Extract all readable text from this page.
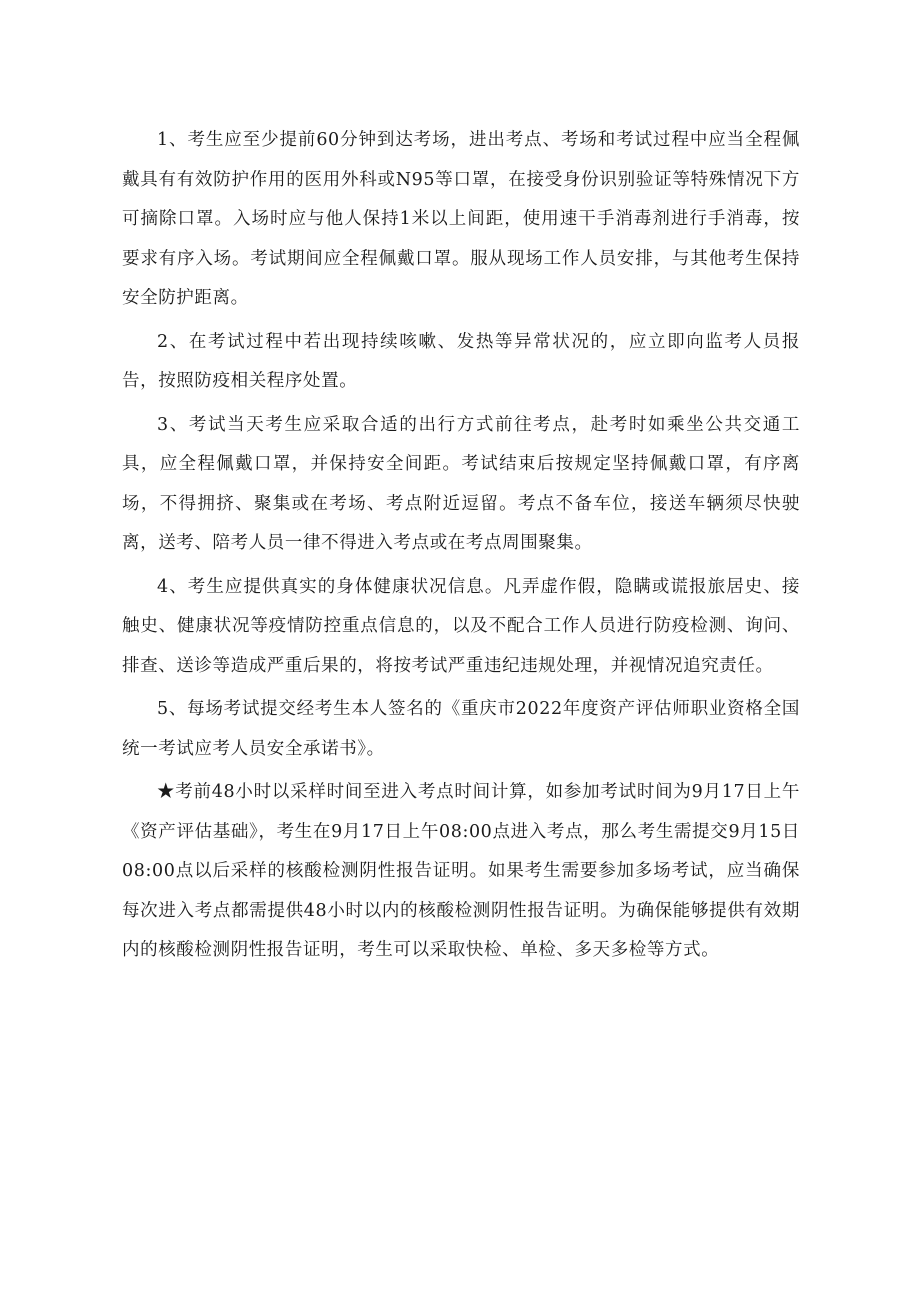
1、考生应至少提前60分钟到达考场，进出考点、考场和考试过程中应当全程佩戴具有有效防护作用的医用外科或N95等口罩，在接受身份识别验证等特殊情况下方可摘除口罩。入场时应与他人保持1米以上间距，使用速干手消毒剂进行手消毒，按要求有序入场。考试期间应全程佩戴口罩。服从现场工作人员安排，与其他考生保持安全防护距离。

2、在考试过程中若出现持续咳嗽、发热等异常状况的，应立即向监考人员报告，按照防疫相关程序处置。

3、考试当天考生应采取合适的出行方式前往考点，赴考时如乘坐公共交通工具，应全程佩戴口罩，并保持安全间距。考试结束后按规定坚持佩戴口罩，有序离场，不得拥挤、聚集或在考场、考点附近逗留。考点不备车位，接送车辆须尽快驶离，送考、陪考人员一律不得进入考点或在考点周围聚集。

4、考生应提供真实的身体健康状况信息。凡弄虚作假，隐瞒或谎报旅居史、接触史、健康状况等疫情防控重点信息的，以及不配合工作人员进行防疫检测、询问、排查、送诊等造成严重后果的，将按考试严重违纪违规处理，并视情况追究责任。

5、每场考试提交经考生本人签名的《重庆市2022年度资产评估师职业资格全国统一考试应考人员安全承诺书》。

★考前48小时以采样时间至进入考点时间计算，如参加考试时间为9月17日上午《资产评估基础》，考生在9月17日上午08:00点进入考点，那么考生需提交9月15日08:00点以后采样的核酸检测阴性报告证明。如果考生需要参加多场考试，应当确保每次进入考点都需提供48小时以内的核酸检测阴性报告证明。为确保能够提供有效期内的核酸检测阴性报告证明，考生可以采取快检、单检、多天多检等方式。
